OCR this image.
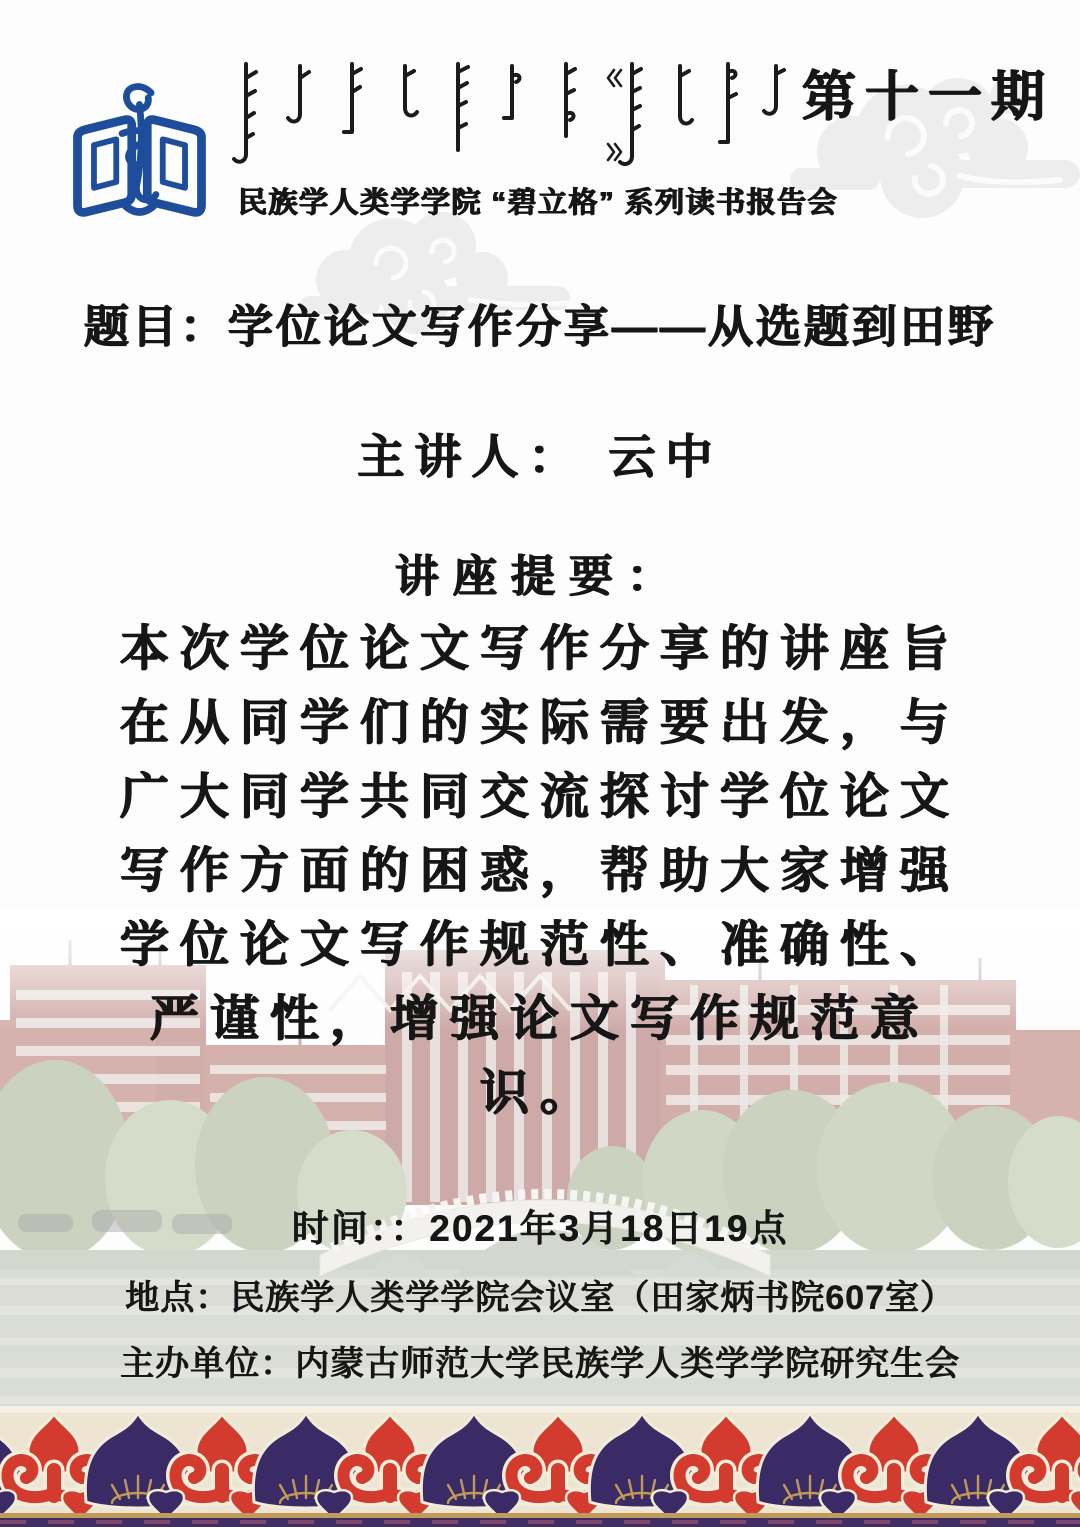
第十一期
民族学人类学学院 “碧立格” 系列读书报告会
题目：学位论文写作分享——从选题到田野
主讲人： 云中
讲座提要：
本次学位论文写作分享的讲座旨
在从同学们的实际需要出发，与
广大同学共同交流探讨学位论文
写作方面的困惑，帮助大家增强
学位论文写作规范性、准确性、
严谨性，增强论文写作规范意
识。
时间：：2021年3月18日19点
地点：民族学人类学学院会议室（田家炳书院607室）
主办单位：内蒙古师范大学民族学人类学学院研究生会
